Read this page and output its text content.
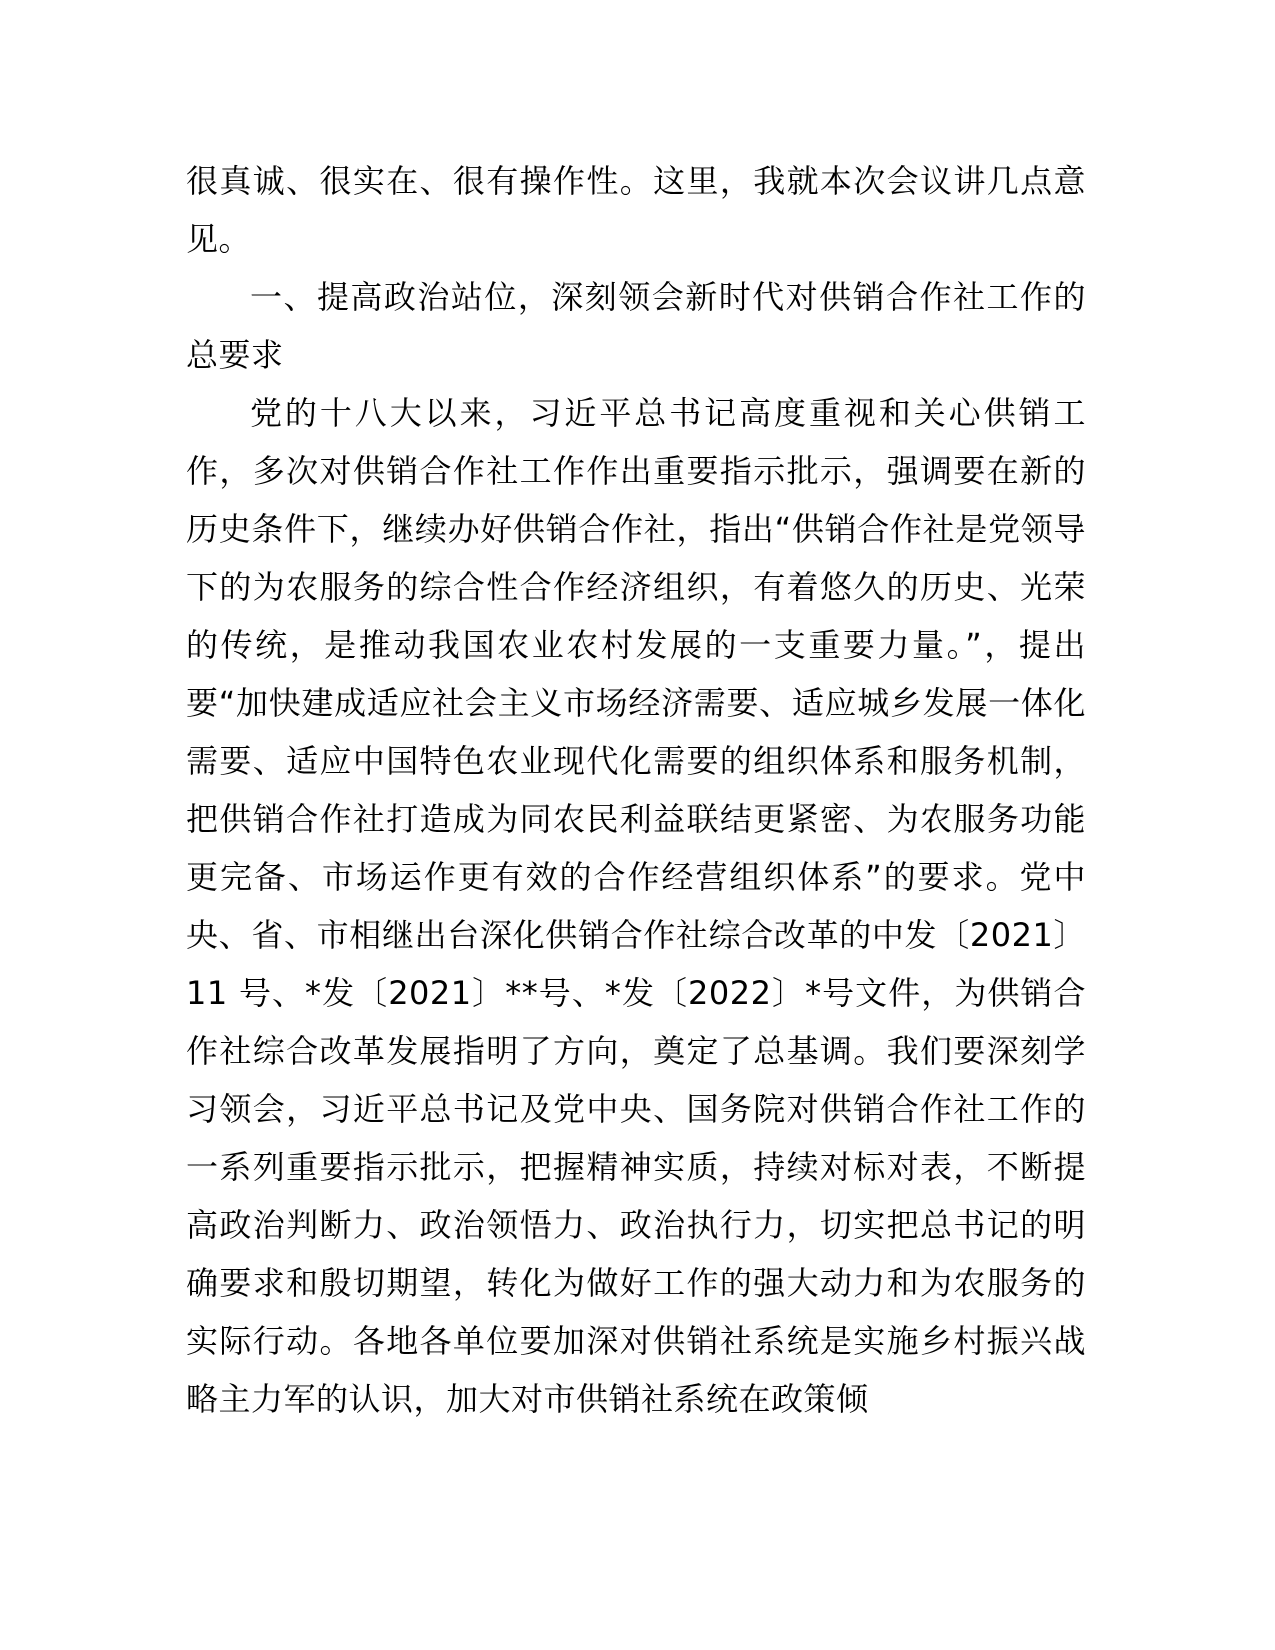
很真诚、很实在、很有操作性。这里，我就本次会议讲几点意见。

一、提高政治站位，深刻领会新时代对供销合作社工作的总要求

党的十八大以来，习近平总书记高度重视和关心供销工作，多次对供销合作社工作作出重要指示批示，强调要在新的历史条件下，继续办好供销合作社，指出“供销合作社是党领导下的为农服务的综合性合作经济组织，有着悠久的历史、光荣的传统，是推动我国农业农村发展的一支重要力量。”，提出要“加快建成适应社会主义市场经济需要、适应城乡发展一体化需要、适应中国特色农业现代化需要的组织体系和服务机制，把供销合作社打造成为同农民利益联结更紧密、为农服务功能更完备、市场运作更有效的合作经营组织体系”的要求。党中央、省、市相继出台深化供销合作社综合改革的中发〔2021〕11 号、*发〔2021〕**号、*发〔2022〕*号文件，为供销合作社综合改革发展指明了方向，奠定了总基调。我们要深刻学习领会，习近平总书记及党中央、国务院对供销合作社工作的一系列重要指示批示，把握精神实质，持续对标对表，不断提高政治判断力、政治领悟力、政治执行力，切实把总书记的明确要求和殷切期望，转化为做好工作的强大动力和为农服务的实际行动。各地各单位要加深对供销社系统是实施乡村振兴战略主力军的认识，加大对市供销社系统在政策倾
